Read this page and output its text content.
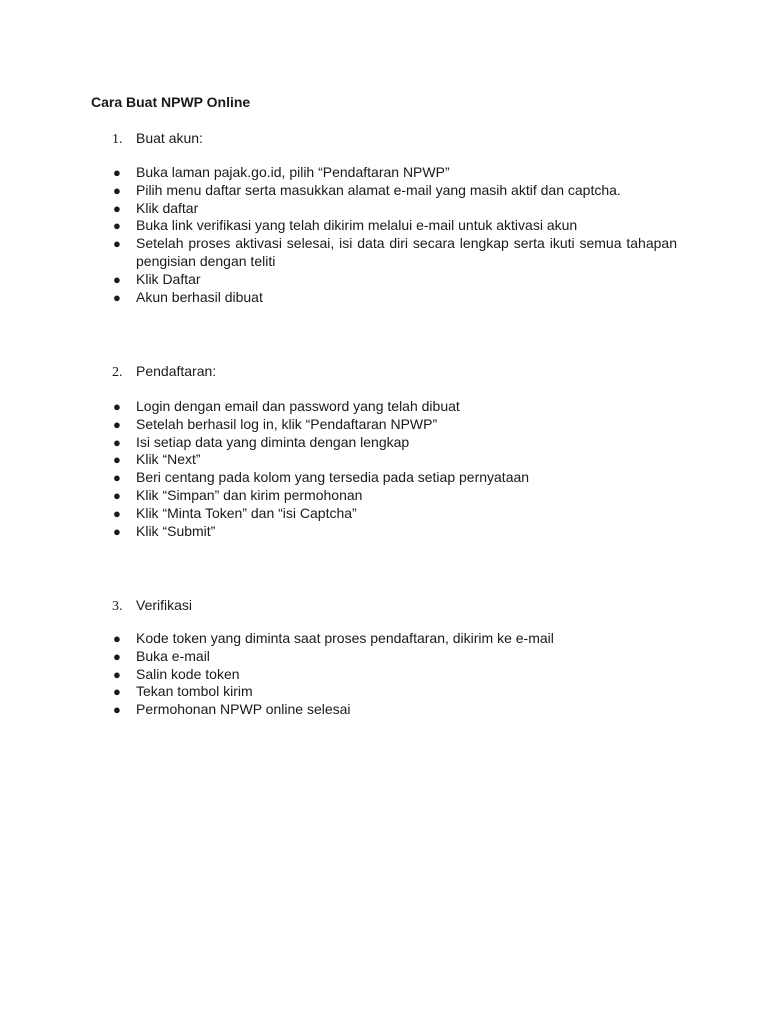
Cara Buat NPWP Online
1. Buat akun:
● Buka laman pajak.go.id, pilih “Pendaftaran NPWP”
● Pilih menu daftar serta masukkan alamat e-mail yang masih aktif dan captcha.
● Klik daftar
● Buka link verifikasi yang telah dikirim melalui e-mail untuk aktivasi akun
● Setelah proses aktivasi selesai, isi data diri secara lengkap serta ikuti semua tahapan pengisian dengan teliti
● Klik Daftar
● Akun berhasil dibuat
2. Pendaftaran:
● Login dengan email dan password yang telah dibuat
● Setelah berhasil log in, klik “Pendaftaran NPWP”
● Isi setiap data yang diminta dengan lengkap
● Klik “Next”
● Beri centang pada kolom yang tersedia pada setiap pernyataan
● Klik “Simpan” dan kirim permohonan
● Klik “Minta Token” dan “isi Captcha”
● Klik “Submit”
3. Verifikasi
● Kode token yang diminta saat proses pendaftaran, dikirim ke e-mail
● Buka e-mail
● Salin kode token
● Tekan tombol kirim
● Permohonan NPWP online selesai
